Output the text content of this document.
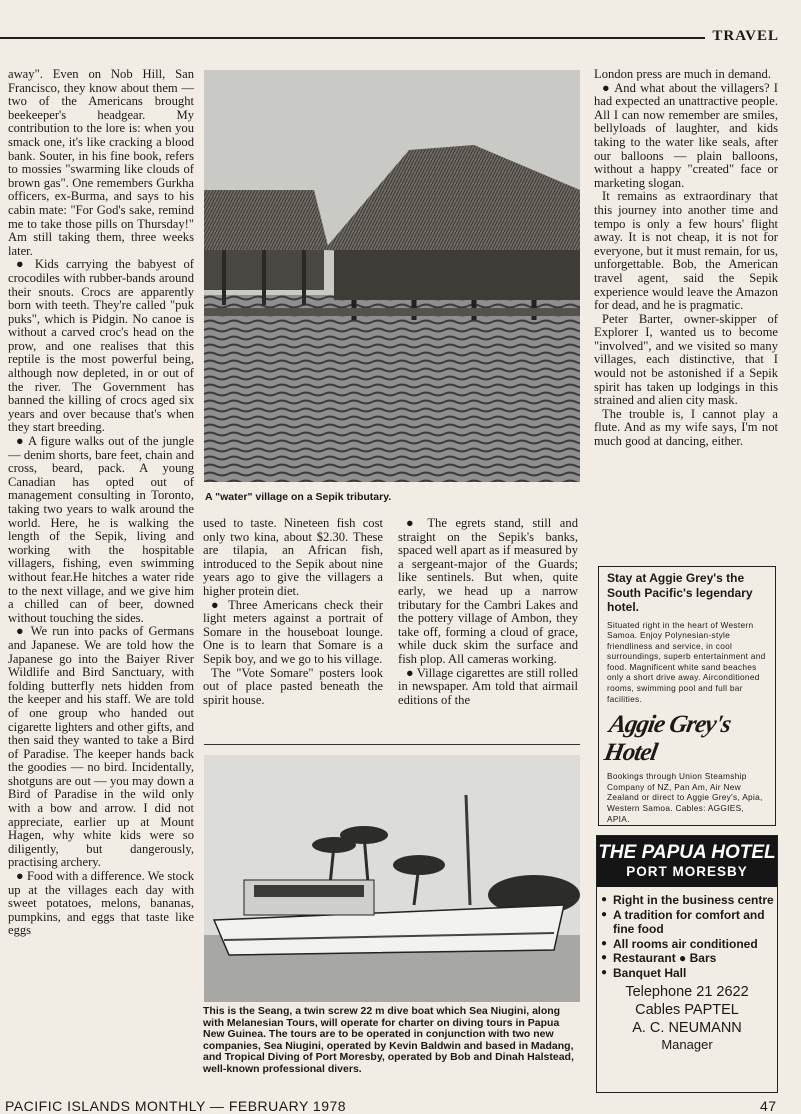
TRAVEL

away". Even on Nob Hill, San Francisco, they know about them — two of the Americans brought beekeeper's headgear. My contribution to the lore is: when you smack one, it's like cracking a blood bank. Souter, in his fine book, refers to mossies "swarming like clouds of brown gas". One remembers Gurkha officers, ex-Burma, and says to his cabin mate: "For God's sake, remind me to take those pills on Thursday!" Am still taking them, three weeks later.

● Kids carrying the babyest of crocodiles with rubber-bands around their snouts. Crocs are apparently born with teeth. They're called "puk puks", which is Pidgin. No canoe is without a carved croc's head on the prow, and one realises that this reptile is the most powerful being, although now depleted, in or out of the river. The Government has banned the killing of crocs aged six years and over because that's when they start breeding.

● A figure walks out of the jungle — denim shorts, bare feet, chain and cross, beard, pack. A young Canadian has opted out of management consulting in Toronto, taking two years to walk around the world. Here, he is walking the length of the Sepik, living and working with the hospitable villagers, fishing, even swimming without fear.He hitches a water ride to the next village, and we give him a chilled can of beer, downed without touching the sides.

● We run into packs of Germans and Japanese. We are told how the Japanese go into the Baiyer River Wildlife and Bird Sanctuary, with folding butterfly nets hidden from the keeper and his staff. We are told of one group who handed out cigarette lighters and other gifts, and then said they wanted to take a Bird of Paradise. The keeper hands back the goodies — no bird. Incidentally, shotguns are out — you may down a Bird of Paradise in the wild only with a bow and arrow. I did not appreciate, earlier up at Mount Hagen, why white kids were so diligently, but dangerously, practising archery.

● Food with a difference. We stock up at the villages each day with sweet potatoes, melons, bananas, pumpkins, and eggs that taste like eggs

A "water" village on a Sepik tributary.

used to taste. Nineteen fish cost only two kina, about $2.30. These are tilapia, an African fish, introduced to the Sepik about nine years ago to give the villagers a higher protein diet.

● Three Americans check their light meters against a portrait of Somare in the houseboat lounge. One is to learn that Somare is a Sepik boy, and we go to his village.

The "Vote Somare" posters look out of place pasted beneath the spirit house.

● The egrets stand, still and straight on the Sepik's banks, spaced well apart as if measured by a sergeant-major of the Guards; like sentinels. But when, quite early, we head up a narrow tributary for the Cambri Lakes and the pottery village of Ambon, they take off, forming a cloud of grace, while duck skim the surface and fish plop. All cameras working.

● Village cigarettes are still rolled in newspaper. Am told that airmail editions of the

This is the Seang, a twin screw 22 m dive boat which Sea Niugini, along with Melanesian Tours, will operate for charter on diving tours in Papua New Guinea. The tours are to be operated in conjunction with two new companies, Sea Niugini, operated by Kevin Baldwin and based in Madang, and Tropical Diving of Port Moresby, operated by Bob and Dinah Halstead, well-known professional divers.

London press are much in demand.

● And what about the villagers? I had expected an unattractive people. All I can now remember are smiles, bellyloads of laughter, and kids taking to the water like seals, after our balloons — plain balloons, without a happy "created" face or marketing slogan.

It remains as extraordinary that this journey into another time and tempo is only a few hours' flight away. It is not cheap, it is not for everyone, but it must remain, for us, unforgettable. Bob, the American travel agent, said the Sepik experience would leave the Amazon for dead, and he is pragmatic.

Peter Barter, owner-skipper of Explorer I, wanted us to become "involved", and we visited so many villages, each distinctive, that I would not be astonished if a Sepik spirit has taken up lodgings in this strained and alien city mask.

The trouble is, I cannot play a flute. And as my wife says, I'm not much good at dancing, either.

Stay at Aggie Grey's the South Pacific's legendary hotel.
Situated right in the heart of Western Samoa. Enjoy Polynesian-style friendliness and service, in cool surroundings, superb entertainment and food. Magnificent white sand beaches only a short drive away. Airconditioned rooms, swimming pool and full bar facilities.
Aggie Grey's Hotel
Bookings through Union Steamship Company of NZ, Pan Am, Air New Zealand or direct to Aggie Grey's, Apia, Western Samoa. Cables: AGGIES, APIA.
THE PAPUA HOTEL
PORT MORESBY
● Right in the business centre
● A tradition for comfort and fine food
● All rooms air conditioned
● Restaurant ● Bars
● Banquet Hall
Telephone 21 2622
Cables PAPTEL
A. C. NEUMANN
Manager
PACIFIC ISLANDS MONTHLY — FEBRUARY 1978	47
